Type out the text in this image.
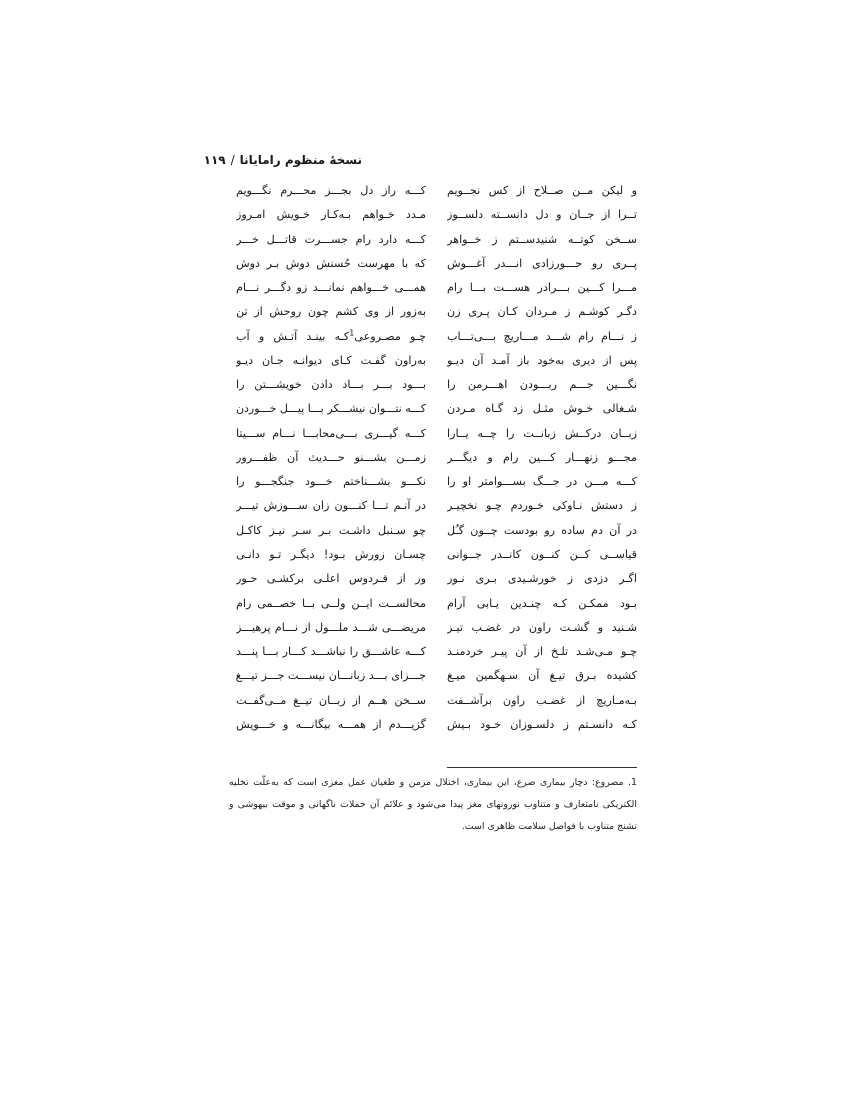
نسخهٔ منظوم رامایانا
/
۱۱۹
و لیکن مــن صــلاح از کس نجــویم
تــرا از جــان و دل دانســته دلســوز
ســخن کوتــه شنیدســتم ز خــواهر
پــری رو حـــورزادی انـــدر آغـــوش
مـــرا کـــین بـــرادر هســـت بـــا رام
دگـر کوشـم ز مـردان کـان پـری زن
ز نـــام رام شـــد مـــاریچ بـــی‌تـــاب
پس از دیری به‌خود باز آمـد آن دیـو
نگـــین جـــم ربـــودن اهـــرمن را
شـغالی خـوش مثـل زد گـاه مـردن
زبــان درکــش زبانــت را چــه یــارا
مجـــو زنهـــار کـــین رام و دیگـــر
کـــه مـــن در جـــگ بســـوامتر او را
ز دستش نـاوکی خـوردم چـو نخچیـر
در آن دم ساده رو بودست چــون گـُل
قیاســی کــن کنــون کانــدر جــوانی
اگـر دزدی ز خورشـیدی بـری نـور
بـود ممکـن کـه چنـدین یـابی آرام
شـنید و گشـت راون در غضـب تیـز
چـو مـی‌شـد تلـخ از آن پیـر خردمنـد
کشیده بـرق تیـغ آن سـهگمین میـغ
بـه‌مـاریچ از غضـب راون برآشــفت
کـه دانسـتم ز دلسـوزان خـود بـیش
کـــه راز دل بجـــز محـــرم نگـــویم
مـدد خـواهم بـه‌کـار خـویش امـروز
کـــه دارد رام جســـرت قاتـــل خـــر
که با مهرست حُسنش دوش بـر دوش
همـــی خـــواهم نمانـــد زو دگـــر نـــام
به‌زور از وی کشم چون روحش از تن
چـو مصـروعی$^1$کـه بینـد آتـش و آب
به‌راون گفـت کـای دیوانـه جـان دیـو
بـــود بـــر بـــاد دادن خویشـــتن را
کـــه نتـــوان نیشـــکر بـــا پیـــل خـــوردن
کـــه گیـــری بـــی‌محابـــا نـــام ســـیتا
زمـــن بشـــنو حـــدیث آن ظفـــرور
نکـــو بشـــناختم خـــود جنگجـــو را
در آنـم تـــا کنـــون زان ســـوزش تیـــر
چو سـنبل داشـت بـر سـر نیـز کاکـل
چسـان زورش بـود! دیگـر تـو دانـی
ور از فـردوس اعلـی برکشـی حـور
محالســت ایــن ولــی بــا خصــمی رام
مریضـــی شـــد ملـــول از نـــام پرهیـــز
کـــه عاشـــق را نباشـــد کـــار بـــا پنـــد
جـــزای بـــد زبانـــان نیســـت جـــز تیـــغ
ســخن هــم از زبــان تیــغ مــی‌گفــت
گزیـــدم از همـــه بیگانـــه و خـــویش
1. مصروع: دچار بیماری صرع، این بیماری، اختلال مزمن و طغیان عمل مغزی است که به‌علّت تخلیه الکتریکی نامتعارف و متناوب نورونهای مغز پیدا می‌شود و علائم آن حملات ناگهانی و موقت بیهوشی و تشنج متناوب با فواصل سلامت ظاهری است.
